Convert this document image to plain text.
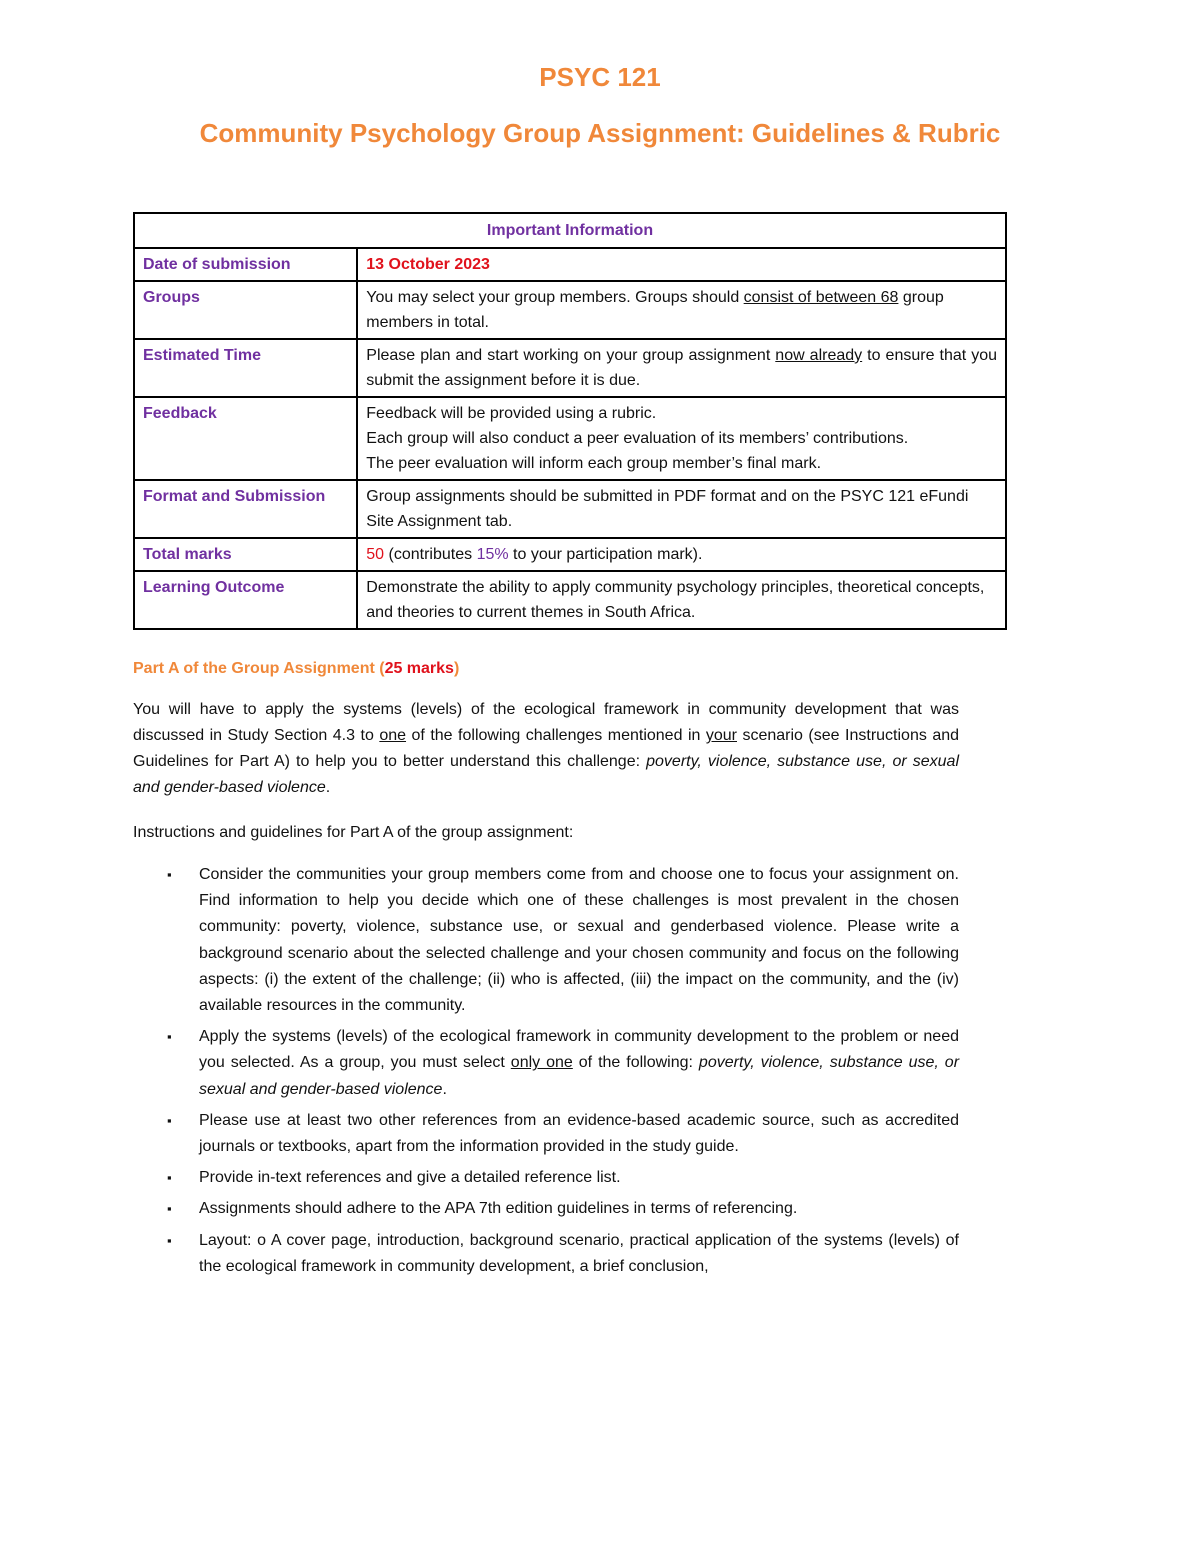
PSYC 121
Community Psychology Group Assignment: Guidelines & Rubric
Important Information	
Date of submission	13 October 2023
Groups	You may select your group members. Groups should consist of between 68 group members in total.
Estimated Time	Please plan and start working on your group assignment now already to ensure that you submit the assignment before it is due.
Feedback	Feedback will be provided using a rubric.
Each group will also conduct a peer evaluation of its members’ contributions.
The peer evaluation will inform each group member’s final mark.

Format and Submission	Group assignments should be submitted in PDF format and on the PSYC 121 eFundi Site Assignment tab.
Total marks	50 (contributes 15% to your participation mark).
Learning Outcome	Demonstrate the ability to apply community psychology principles, theoretical concepts, and theories to current themes in South Africa.
Part A of the Group Assignment (25 marks)
You will have to apply the systems (levels) of the ecological framework in community development that was discussed in Study Section 4.3 to one of the following challenges mentioned in your scenario (see Instructions and Guidelines for Part A) to help you to better understand this challenge: poverty, violence, substance use, or sexual and gender-based violence.
Instructions and guidelines for Part A of the group assignment:
▪ Consider the communities your group members come from and choose one to focus your assignment on. Find information to help you decide which one of these challenges is most prevalent in the chosen community: poverty, violence, substance use, or sexual and genderbased violence. Please write a background scenario about the selected challenge and your chosen community and focus on the following aspects: (i) the extent of the challenge; (ii) who is affected, (iii) the impact on the community, and the (iv) available resources in the community.
▪ Apply the systems (levels) of the ecological framework in community development to the problem or need you selected. As a group, you must select only one of the following: poverty, violence, substance use, or sexual and gender-based violence.
▪ Please use at least two other references from an evidence-based academic source, such as accredited journals or textbooks, apart from the information provided in the study guide.
▪ Provide in-text references and give a detailed reference list.
▪ Assignments should adhere to the APA 7th edition guidelines in terms of referencing.
▪ Layout: o A cover page, introduction, background scenario, practical application of the systems (levels) of the ecological framework in community development, a brief conclusion,
